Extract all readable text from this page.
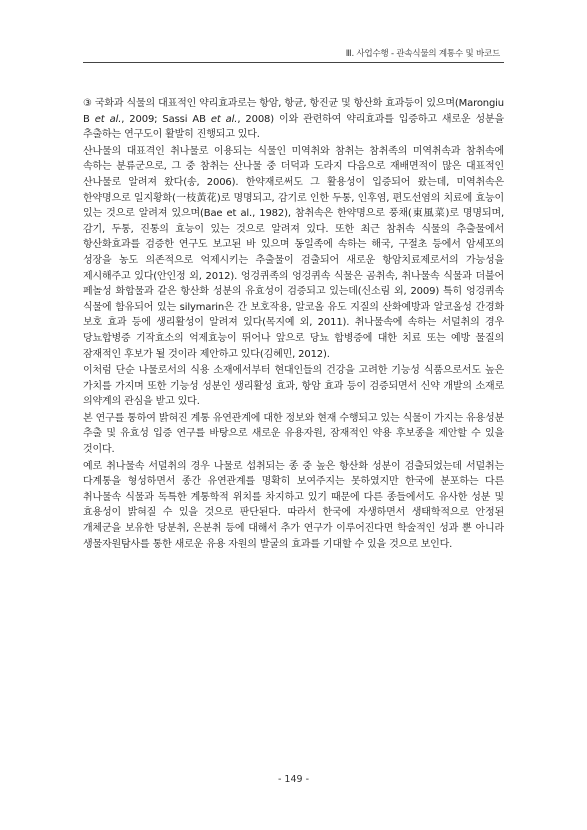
Ⅲ. 사업수행 - 관속식물의 계통수 및 바코드

③ 국화과 식물의 대표적인 약리효과로는 항암, 항균, 항진균 및 항산화 효과등이 있으며(Marongiu B et al., 2009; Sassi AB et al., 2008) 이와 관련하여 약리효과를 입증하고 새로운 성분을 추출하는 연구도이 활발히 진행되고 있다.

산나물의 대표격인 취나물로 이용되는 식물인 미역취와 참취는 참취족의 미역취속과 참취속에 속하는 분류군으로, 그 중 참취는 산나물 중 더덕과 도라지 다음으로 재배면적이 많은 대표적인 산나물로 알려져 왔다(송, 2006). 한약재로써도 그 활용성이 입증되어 왔는데, 미역취속은 한약명으로 일지황화(一枝黃花)로 명명되고, 감기로 인한 두통, 인후염, 편도선염의 치료에 효능이 있는 것으로 알려져 있으며(Bae et al., 1982), 참취속은 한약명으로 풍채(東風菜)로 명명되며, 감기, 두통, 진통의 효능이 있는 것으로 알려져 있다. 또한 최근 참취속 식물의 추출물에서 항산화효과를 검증한 연구도 보고된 바 있으며 동일족에 속하는 해국, 구절초 등에서 암세포의 성장을 농도 의존적으로 억제시키는 추출물이 검출되어 새로운 항암치료제로서의 가능성을 제시해주고 있다(안인정 외, 2012). 엉겅퀴족의 엉겅퀴속 식물은 곰취속, 취나물속 식물과 더불어 페놀성 화합물과 같은 항산화 성분의 유효성이 검증되고 있는데(신소림 외, 2009) 특히 엉겅퀴속 식물에 함유되어 있는 silymarin은 간 보호작용, 알코올 유도 지질의 산화예방과 알코올성 간경화 보호 효과 등에 생리활성이 알려져 있다(목지예 외, 2011). 취나물속에 속하는 서덜취의 경우 당뇨합병증 기작효소의 억제효능이 뛰어나 앞으로 당뇨 합병증에 대한 치료 또는 예방 물질의 잠재적인 후보가 될 것이라 제안하고 있다(김혜민, 2012).

이처럼 단순 나물로서의 식용 소재에서부터 현대인들의 건강을 고려한 기능성 식품으로서도 높은 가치를 가지며 또한 기능성 성분인 생리활성 효과, 항암 효과 등이 검증되면서 신약 개발의 소재로 의약계의 관심을 받고 있다.

본 연구를 통하여 밝혀진 계통 유연관계에 대한 정보와 현재 수행되고 있는 식물이 가지는 유용성분 추출 및 유효성 입증 연구를 바탕으로 새로운 유용자원, 잠재적인 약용 후보종을 제안할 수 있을 것이다.

예로 취나물속 서덜취의 경우 나물로 섭취되는 종 중 높은 항산화 성분이 검출되었는데 서덜취는 다계통을 형성하면서 종간 유연관계를 명확히 보여주지는 못하였지만 한국에 분포하는 다른 취나물속 식물과 독특한 계통학적 위치를 차지하고 있기 때문에 다른 종들에서도 유사한 성분 및 효용성이 밝혀질 수 있을 것으로 판단된다. 따라서 한국에 자생하면서 생태학적으로 안정된 개체군을 보유한 당분취, 은분취 등에 대해서 추가 연구가 이루어진다면 학술적인 성과 뿐 아니라 생물자원탐사를 통한 새로운 유용 자원의 발굴의 효과를 기대할 수 있을 것으로 보인다.

- 149 -
